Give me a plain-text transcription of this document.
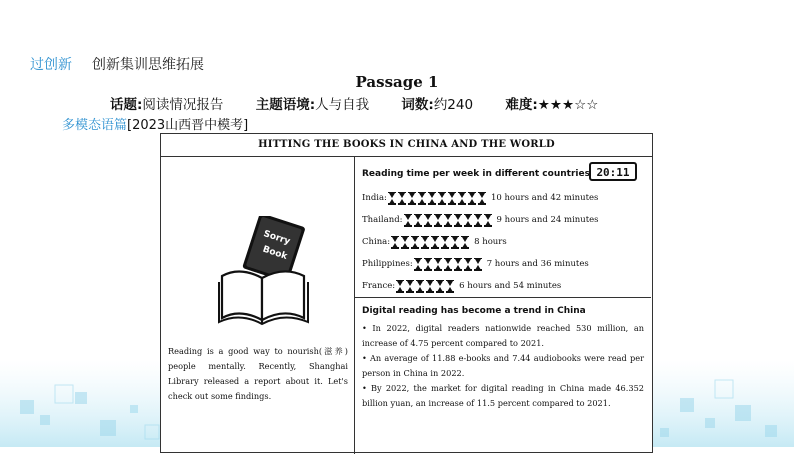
过创新 创新集训思维拓展
Passage 1
话题:阅读情况报告 主题语境:人与自我 词数:约240 难度:★★★☆☆
多模态语篇[2023山西晋中模考]
HITTING THE BOOKS IN CHINA AND THE WORLD
Sorry
Book
Reading is a good way to nourish(滋养) people mentally. Recently, Shanghai Library released a report about it. Let's check out some findings.
Reading time per week in different countries 20:11
India:	10 hours and 42 minutes
Thailand:	9 hours and 24 minutes
China:	8 hours
Philippines:	7 hours and 36 minutes
France:	6 hours and 54 minutes
Digital reading has become a trend in China
• In 2022, digital readers nationwide reached 530 million, an increase of 4.75 percent compared to 2021.
• An average of 11.88 e-books and 7.44 audiobooks were read per person in China in 2022.
• By 2022, the market for digital reading in China made 46.352 billion yuan, an increase of 11.5 percent compared to 2021.
